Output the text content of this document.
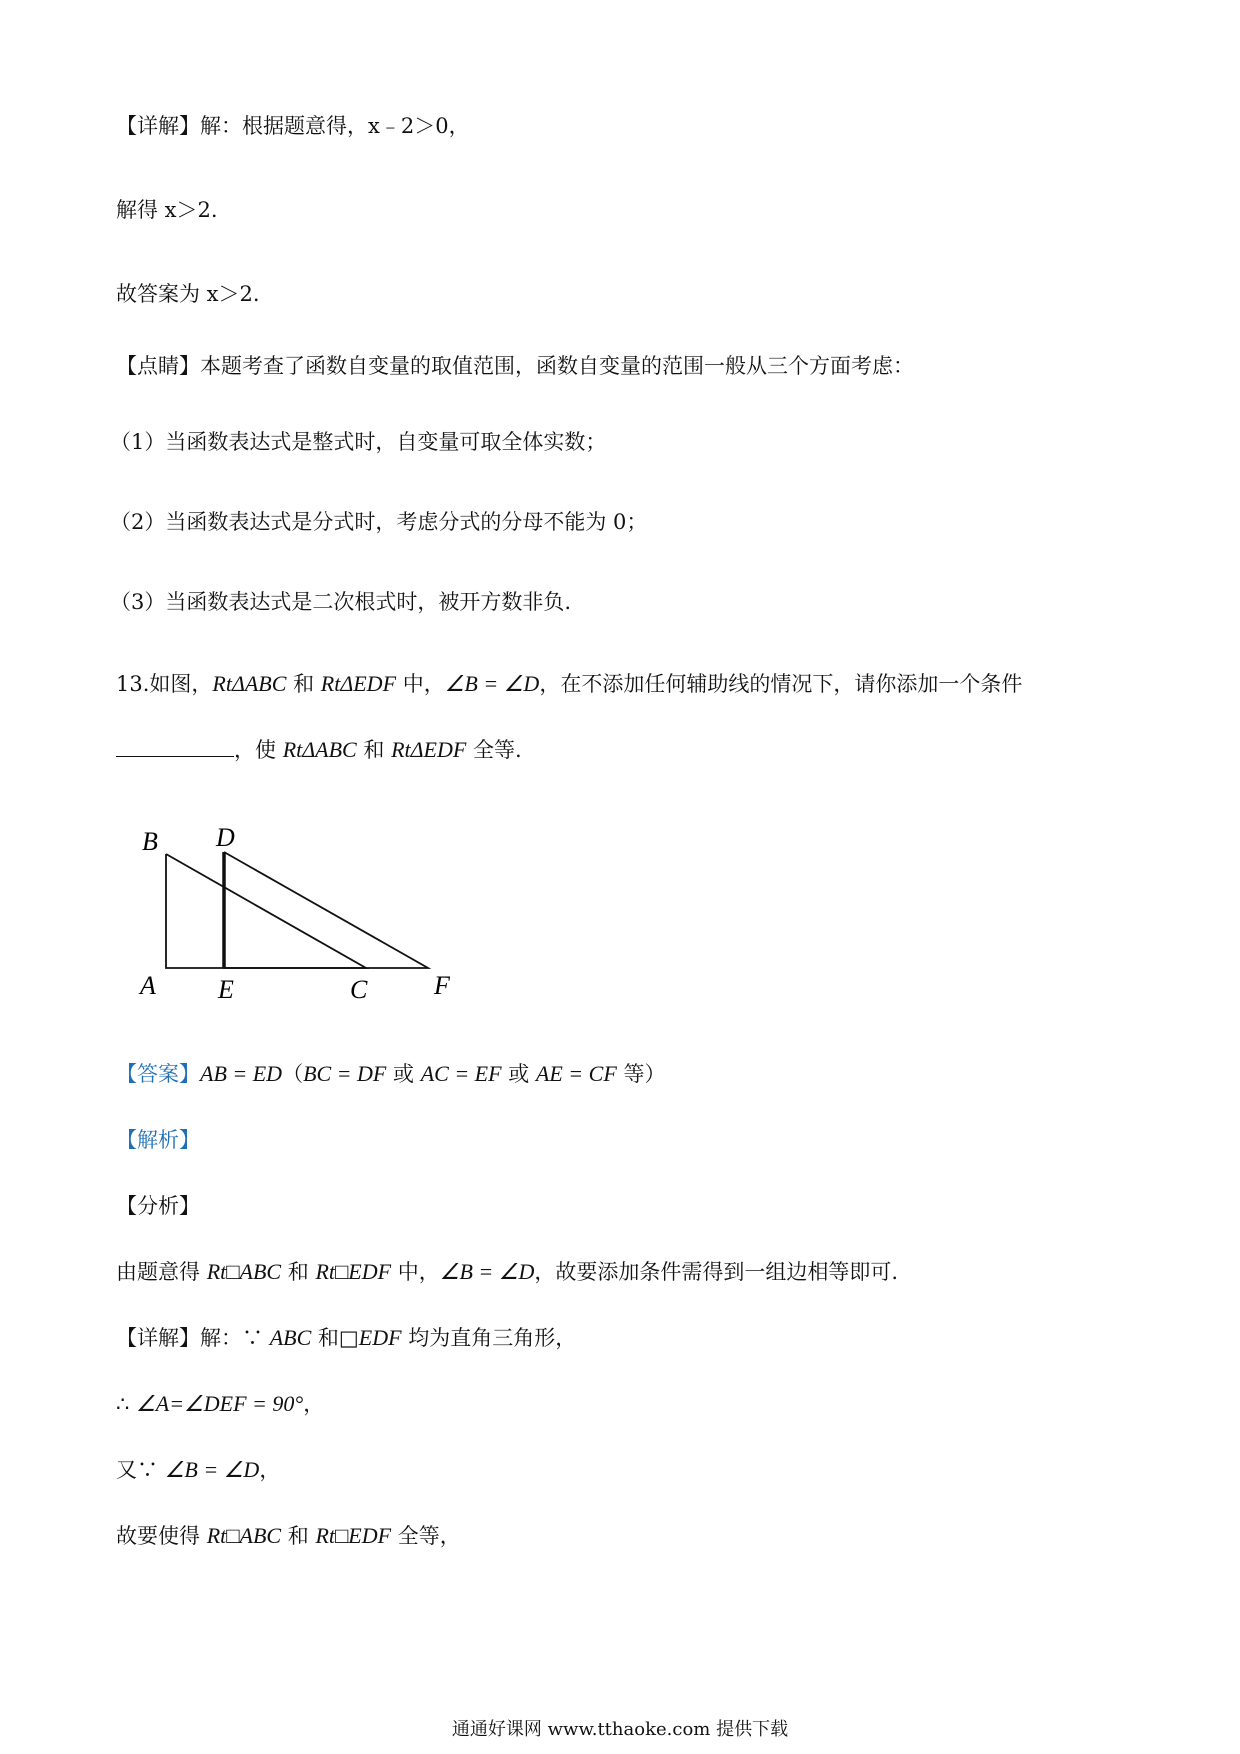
【详解】解：根据题意得，x﹣2＞0，
解得 x＞2.
故答案为 x＞2.
【点睛】本题考查了函数自变量的取值范围，函数自变量的范围一般从三个方面考虑：
（1）当函数表达式是整式时，自变量可取全体实数；
（2）当函数表达式是分式时，考虑分式的分母不能为 0；
（3）当函数表达式是二次根式时，被开方数非负.
13.如图，RtΔABC 和 RtΔEDF 中，∠B = ∠D，在不添加任何辅助线的情况下，请你添加一个条件
，使 RtΔABC 和 RtΔEDF 全等.
B D
A E	C	F
【答案】AB = ED（BC = DF 或 AC = EF 或 AE = CF 等）
【解析】
【分析】
由题意得 Rt□ABC 和 Rt□EDF 中，∠B = ∠D，故要添加条件需得到一组边相等即可.
【详解】解：∵ ABC 和□EDF 均为直角三角形，
∴ ∠A=∠DEF = 90°，
又∵ ∠B = ∠D，
故要使得 Rt□ABC 和 Rt□EDF 全等，
通通好课网 www.tthaoke.com 提供下载
